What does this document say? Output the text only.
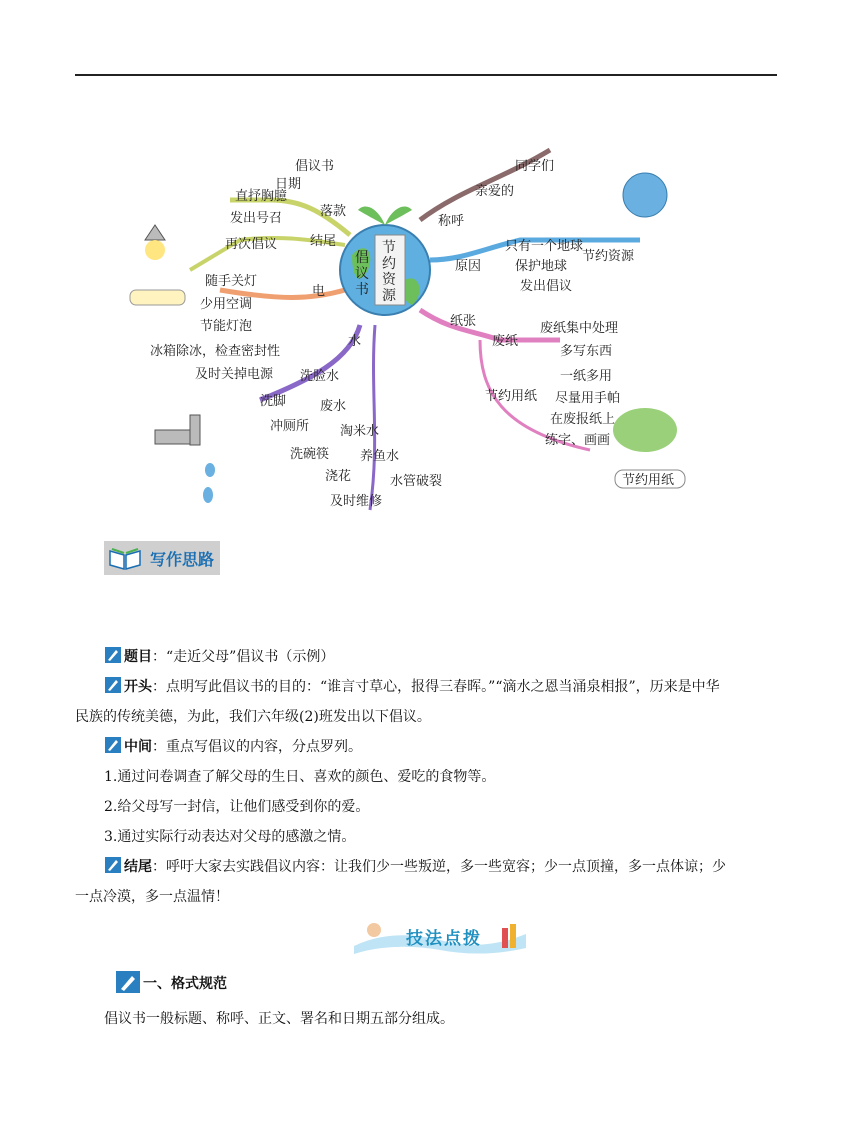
节
约
资
源
倡
议
书
落款
倡议书
日期
结尾
直抒胸臆
发出号召
再次倡议
电
随手关灯
少用空调
节能灯泡
冰箱除冰，检查密封性
及时关掉电源
水
洗脚
洗脸水
冲厕所
废水
洗碗筷
淘米水
浇花
养鱼水
及时维修
水管破裂
称呼
亲爱的
同学们
原因
只有一个地球
保护地球
节约资源
发出倡议
纸张
废纸
废纸集中处理
多写东西
节约用纸
一纸多用
尽量用手帕
在废报纸上
练字、画画
节约用纸
写作思路
题目：“走近父母”倡议书（示例）
开头：点明写此倡议书的目的：“谁言寸草心，报得三春晖。”“滴水之恩当涌泉相报”，历来是中华
民族的传统美德，为此，我们六年级(2)班发出以下倡议。
中间：重点写倡议的内容，分点罗列。
1.通过问卷调查了解父母的生日、喜欢的颜色、爱吃的食物等。
2.给父母写一封信，让他们感受到你的爱。
3.通过实际行动表达对父母的感激之情。
结尾：呼吁大家去实践倡议内容：让我们少一些叛逆，多一些宽容；少一点顶撞，多一点体谅；少
一点冷漠，多一点温情！
技法点拨
一、格式规范
倡议书一般标题、称呼、正文、署名和日期五部分组成。
